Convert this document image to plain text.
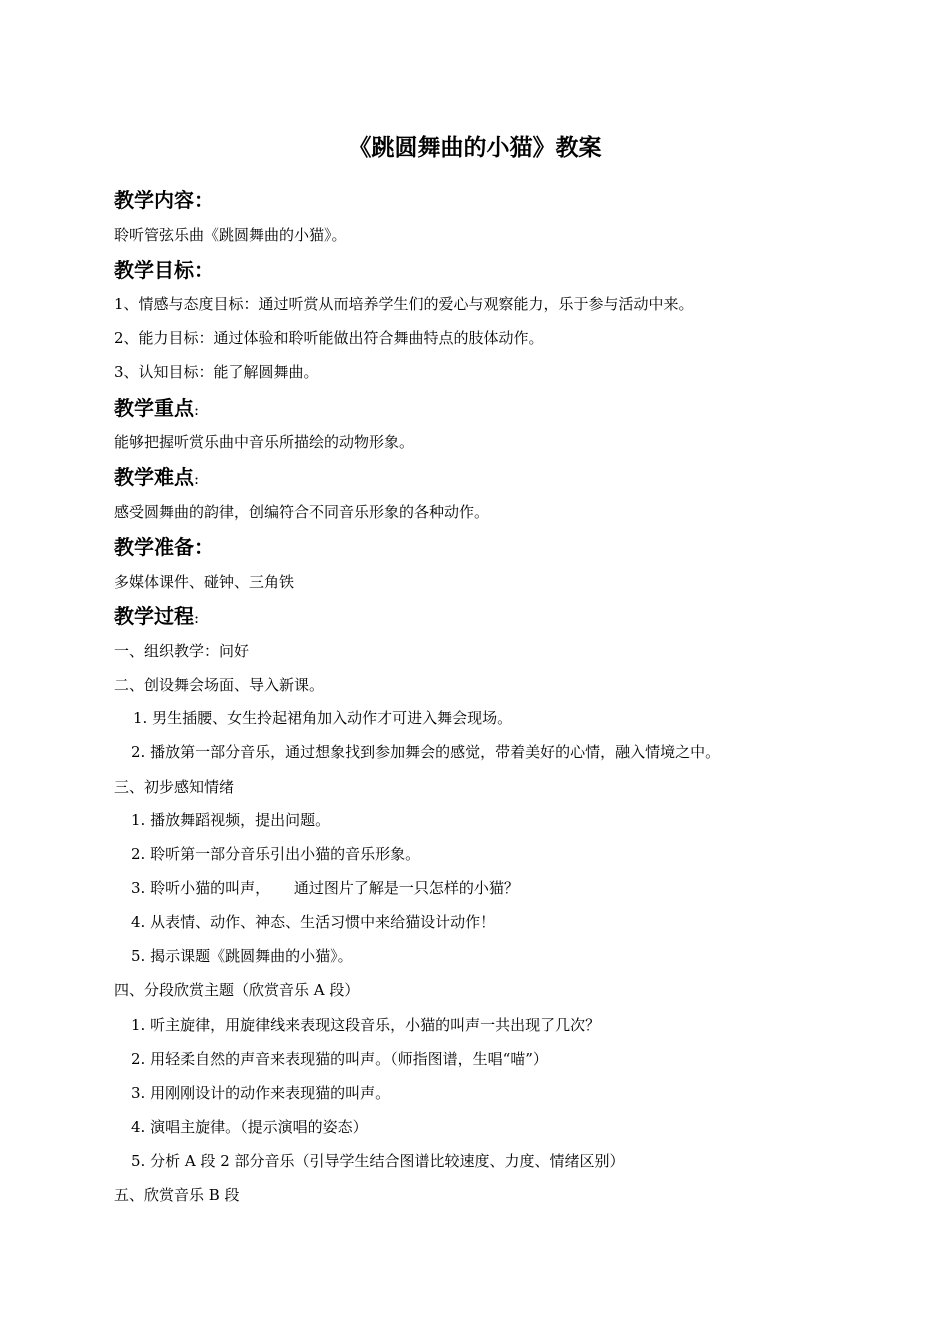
《跳圆舞曲的小猫》教案
教学内容：
聆听管弦乐曲《跳圆舞曲的小猫》。
教学目标：
1、情感与态度目标：通过听赏从而培养学生们的爱心与观察能力，乐于参与活动中来。
2、能力目标：通过体验和聆听能做出符合舞曲特点的肢体动作。
3、认知目标：能了解圆舞曲。
教学重点:
能够把握听赏乐曲中音乐所描绘的动物形象。
教学难点:
感受圆舞曲的韵律，创编符合不同音乐形象的各种动作。
教学准备：
多媒体课件、碰钟、三角铁
教学过程:
一、组织教学：问好
二、创设舞会场面、导入新课。
1. 男生插腰、女生拎起裙角加入动作才可进入舞会现场。
2. 播放第一部分音乐，通过想象找到参加舞会的感觉，带着美好的心情，融入情境之中。
三、初步感知情绪
1. 播放舞蹈视频，提出问题。
2. 聆听第一部分音乐引出小猫的音乐形象。
3. 聆听小猫的叫声，     通过图片了解是一只怎样的小猫？
4. 从表情、动作、神态、生活习惯中来给猫设计动作！
5. 揭示课题《跳圆舞曲的小猫》。
四、分段欣赏主题（欣赏音乐 A 段）
1. 听主旋律，用旋律线来表现这段音乐，小猫的叫声一共出现了几次？
2. 用轻柔自然的声音来表现猫的叫声。（师指图谱，生唱“喵”）
3. 用刚刚设计的动作来表现猫的叫声。
4. 演唱主旋律。（提示演唱的姿态）
5. 分析 A 段 2 部分音乐（引导学生结合图谱比较速度、力度、情绪区别）
五、欣赏音乐 B 段
